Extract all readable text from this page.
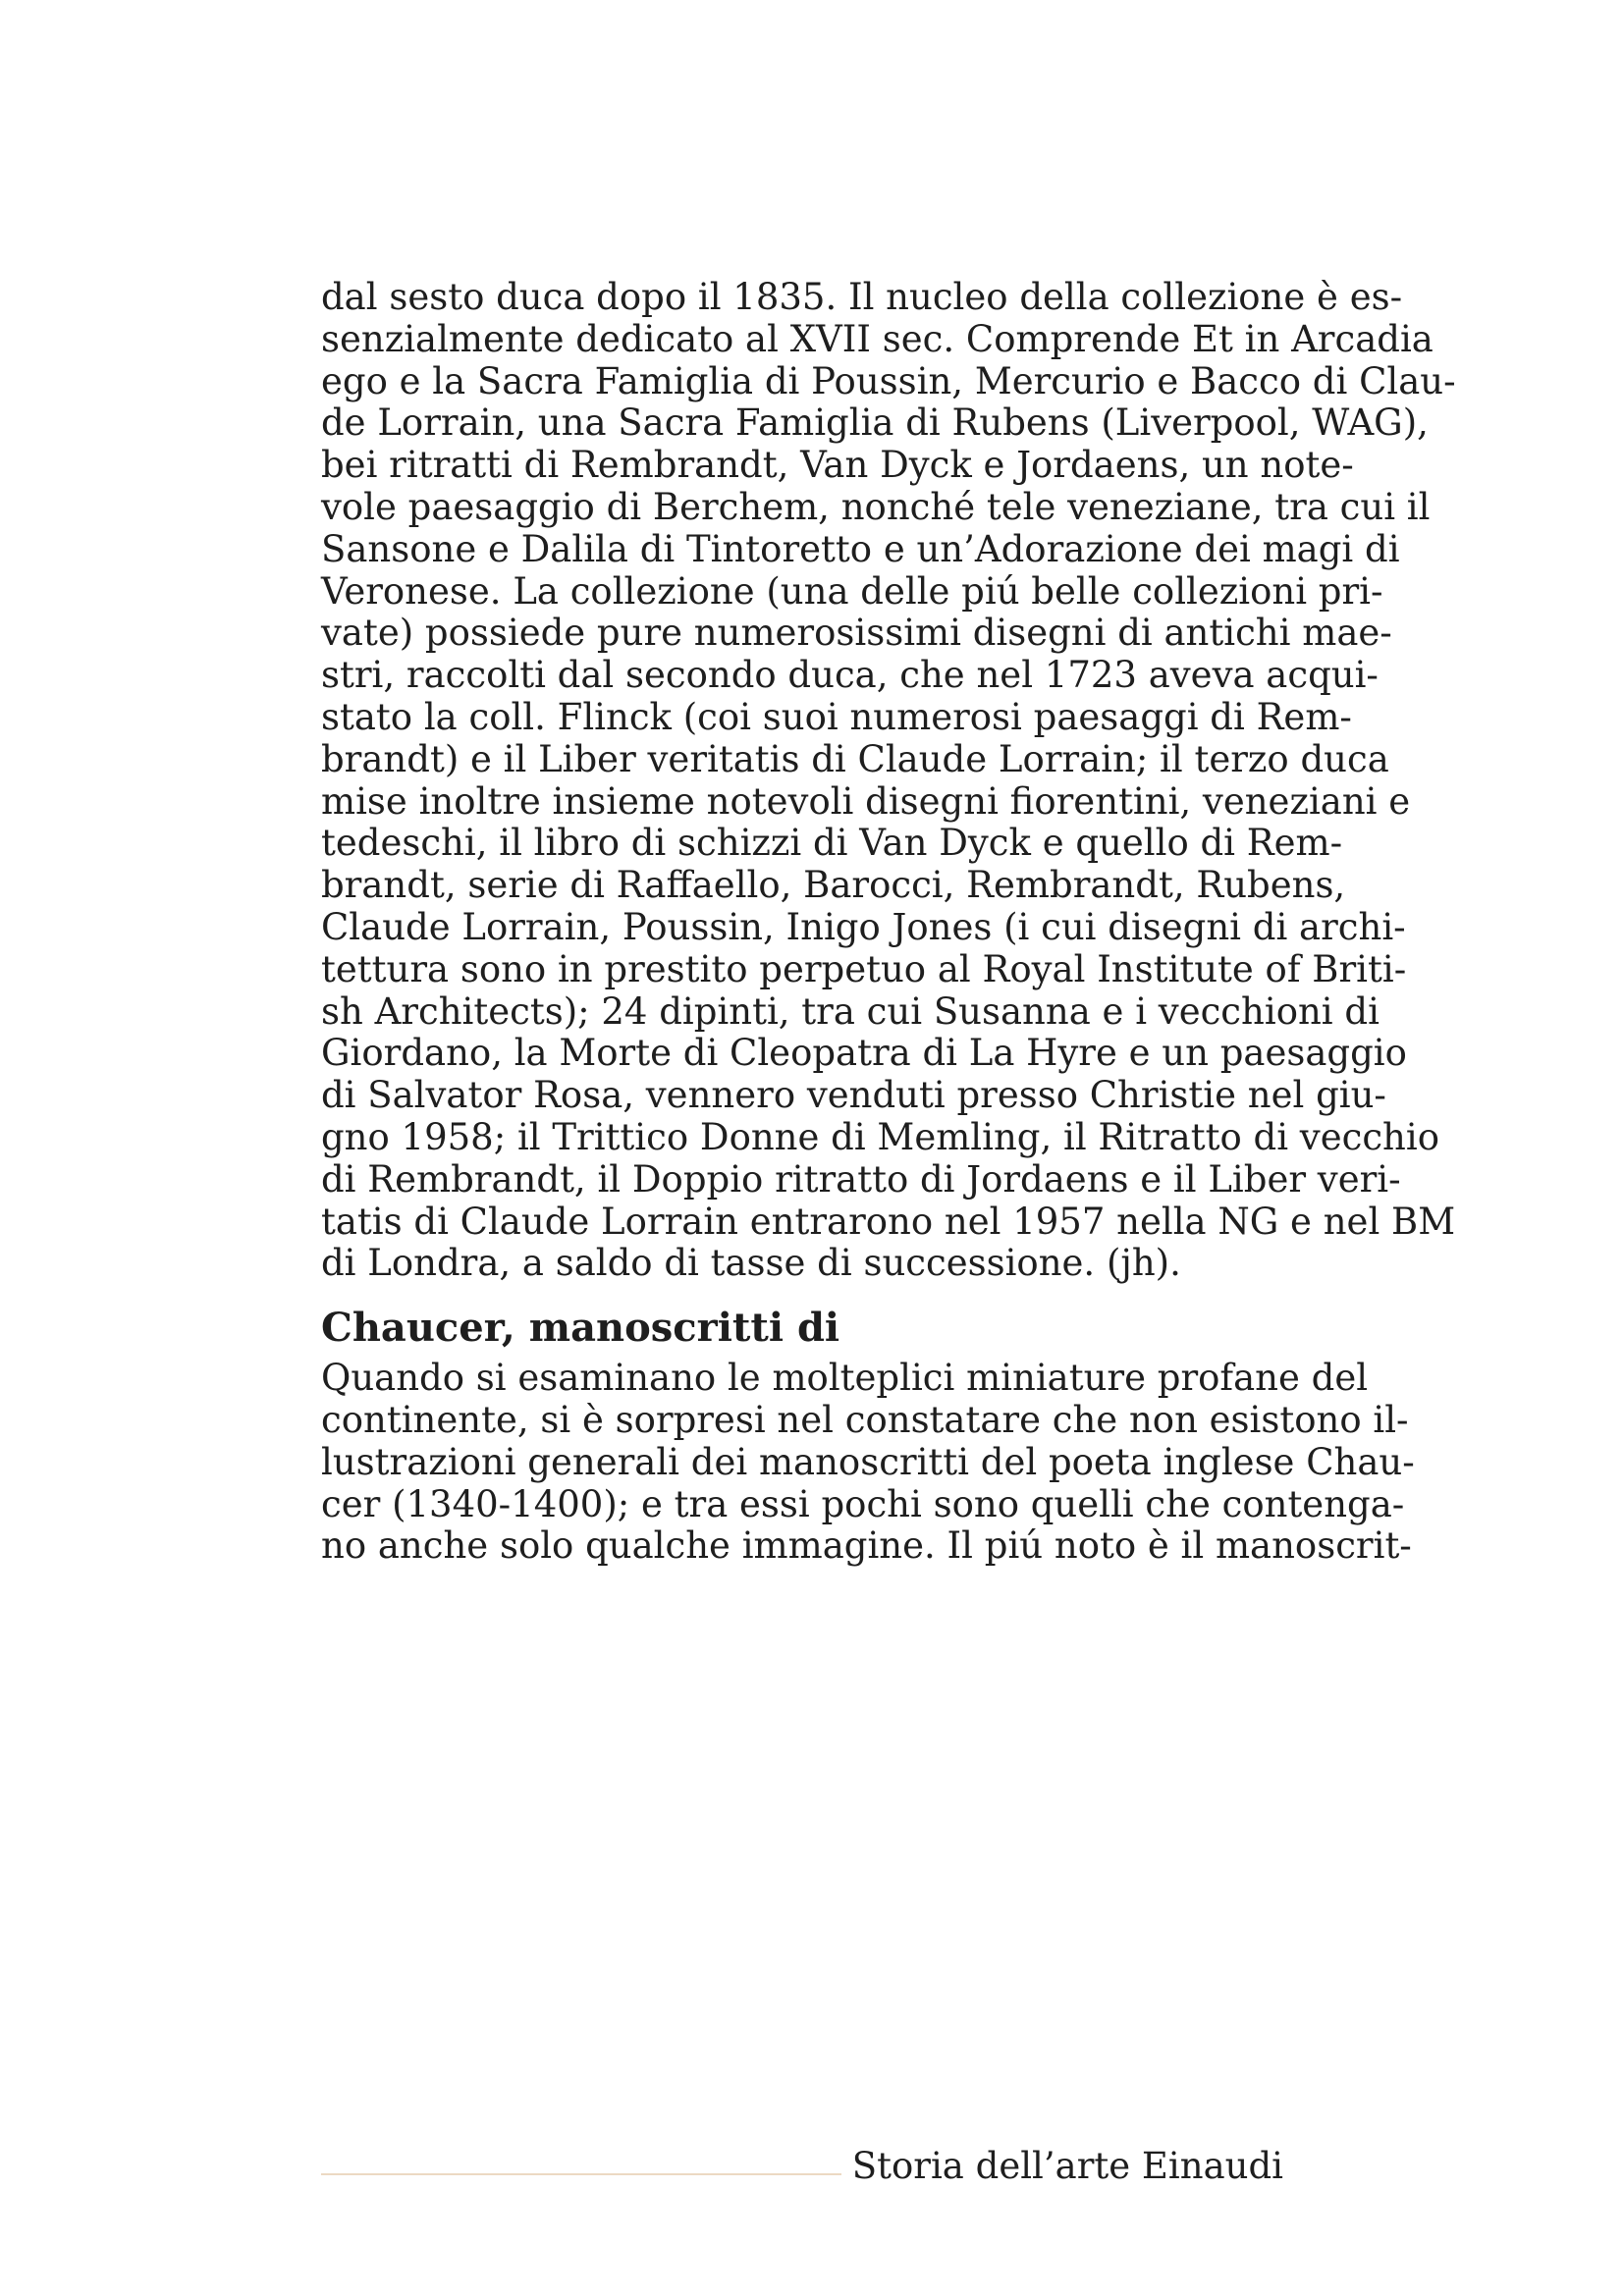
dal sesto duca dopo il 1835. Il nucleo della collezione è es-
senzialmente dedicato al XVII sec. Comprende Et in Arcadia
ego e la Sacra Famiglia di Poussin, Mercurio e Bacco di Clau-
de Lorrain, una Sacra Famiglia di Rubens (Liverpool, WAG),
bei ritratti di Rembrandt, Van Dyck e Jordaens, un note-
vole paesaggio di Berchem, nonché tele veneziane, tra cui il
Sansone e Dalila di Tintoretto e un’Adorazione dei magi di
Veronese. La collezione (una delle piú belle collezioni pri-
vate) possiede pure numerosissimi disegni di antichi mae-
stri, raccolti dal secondo duca, che nel 1723 aveva acqui-
stato la coll. Flinck (coi suoi numerosi paesaggi di Rem-
brandt) e il Liber veritatis di Claude Lorrain; il terzo duca
mise inoltre insieme notevoli disegni fiorentini, veneziani e
tedeschi, il libro di schizzi di Van Dyck e quello di Rem-
brandt, serie di Raffaello, Barocci, Rembrandt, Rubens,
Claude Lorrain, Poussin, Inigo Jones (i cui disegni di archi-
tettura sono in prestito perpetuo al Royal Institute of Briti-
sh Architects); 24 dipinti, tra cui Susanna e i vecchioni di
Giordano, la Morte di Cleopatra di La Hyre e un paesaggio
di Salvator Rosa, vennero venduti presso Christie nel giu-
gno 1958; il Trittico Donne di Memling, il Ritratto di vecchio
di Rembrandt, il Doppio ritratto di Jordaens e il Liber veri-
tatis di Claude Lorrain entrarono nel 1957 nella NG e nel BM
di Londra, a saldo di tasse di successione. (jh).
Chaucer, manoscritti di
Quando si esaminano le molteplici miniature profane del
continente, si è sorpresi nel constatare che non esistono il-
lustrazioni generali dei manoscritti del poeta inglese Chau-
cer (1340-1400); e tra essi pochi sono quelli che contenga-
no anche solo qualche immagine. Il piú noto è il manoscrit-
Storia dell’arte Einaudi
